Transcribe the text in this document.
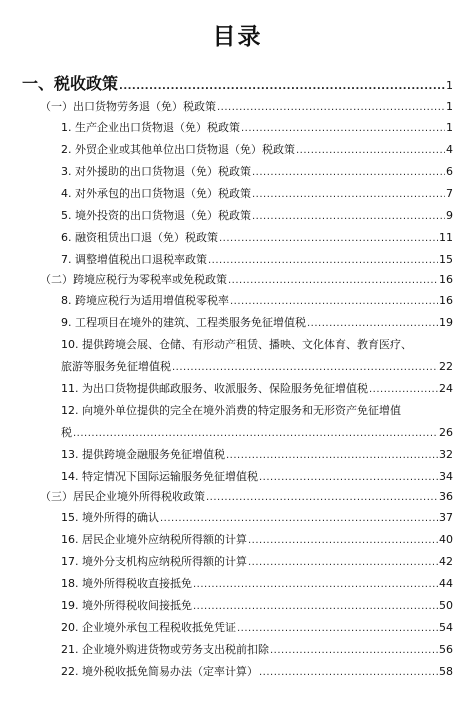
目录
一、税收政策 .....	1
（一）出口货物劳务退（免）税政策 .....	1
1. 生产企业出口货物退（免）税政策 .....	1
2. 外贸企业或其他单位出口货物退（免）税政策 .....	4
3. 对外援助的出口货物退（免）税政策 .....	6
4. 对外承包的出口货物退（免）税政策 .....	7
5. 境外投资的出口货物退（免）税政策 .....	9
6. 融资租赁出口退（免）税政策 .....	11
7. 调整增值税出口退税率政策 .....	15
（二）跨境应税行为零税率或免税政策 .....	16
8. 跨境应税行为适用增值税零税率 .....	16
9. 工程项目在境外的建筑、工程类服务免征增值税 .....	19
10. 提供跨境会展、仓储、有形动产租赁、播映、文化体育、教育医疗、
旅游等服务免征增值税 .....	22
11. 为出口货物提供邮政服务、收派服务、保险服务免征增值税 .....	24
12. 向境外单位提供的完全在境外消费的特定服务和无形资产免征增值
税 .....	26
13. 提供跨境金融服务免征增值税 .....	32
14. 特定情况下国际运输服务免征增值税 .....	34
（三）居民企业境外所得税收政策 .....	36
15. 境外所得的确认 .....	37
16. 居民企业境外应纳税所得额的计算 .....	40
17. 境外分支机构应纳税所得额的计算 .....	42
18. 境外所得税收直接抵免 .....	44
19. 境外所得税收间接抵免 .....	50
20. 企业境外承包工程税收抵免凭证 .....	54
21. 企业境外购进货物或劳务支出税前扣除 .....	56
22. 境外税收抵免简易办法（定率计算） .....	58
